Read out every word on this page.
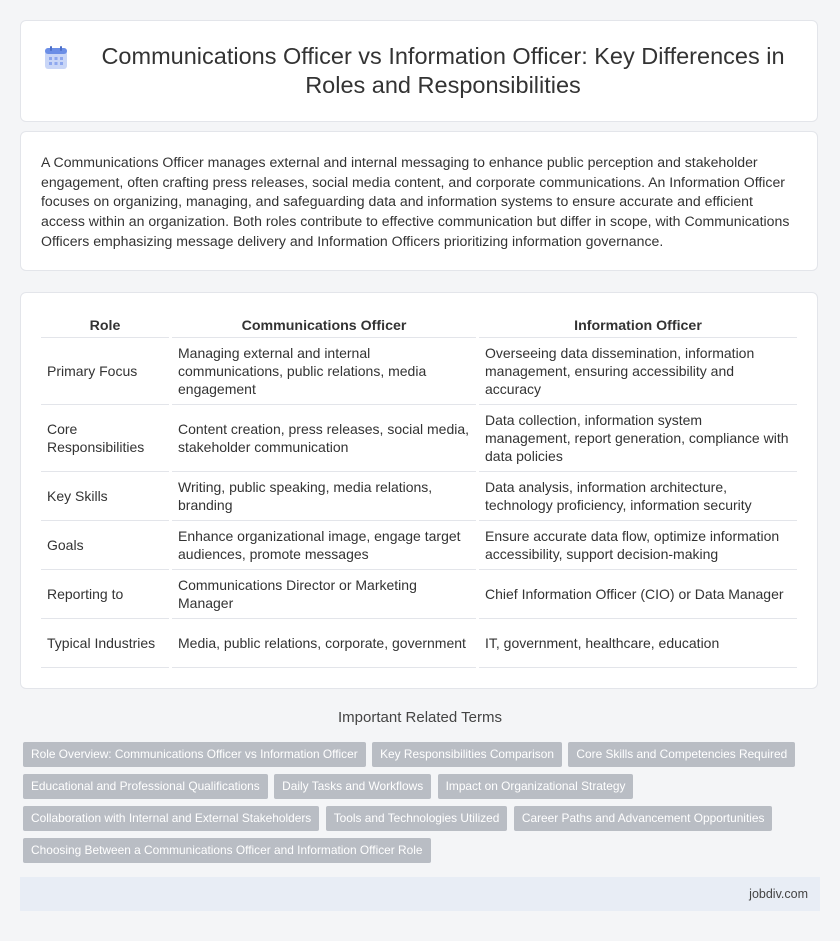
Communications Officer vs Information Officer: Key Differences in Roles and Responsibilities

A Communications Officer manages external and internal messaging to enhance public perception and stakeholder engagement, often crafting press releases, social media content, and corporate communications. An Information Officer focuses on organizing, managing, and safeguarding data and information systems to ensure accurate and efficient access within an organization. Both roles contribute to effective communication but differ in scope, with Communications Officers emphasizing message delivery and Information Officers prioritizing information governance.

Role	Communications Officer	Information Officer
Primary Focus	Managing external and internal communications, public relations, media engagement	Overseeing data dissemination, information management, ensuring accessibility and accuracy
Core Responsibilities	Content creation, press releases, social media, stakeholder communication	Data collection, information system management, report generation, compliance with data policies
Key Skills	Writing, public speaking, media relations, branding	Data analysis, information architecture, technology proficiency, information security
Goals	Enhance organizational image, engage target audiences, promote messages	Ensure accurate data flow, optimize information accessibility, support decision-making
Reporting to	Communications Director or Marketing Manager	Chief Information Officer (CIO) or Data Manager
Typical Industries	Media, public relations, corporate, government	IT, government, healthcare, education
Important Related Terms
Role Overview: Communications Officer vs Information Officer Key Responsibilities Comparison Core Skills and Competencies Required Educational and Professional Qualifications Daily Tasks and Workflows Impact on Organizational Strategy Collaboration with Internal and External Stakeholders Tools and Technologies Utilized Career Paths and Advancement Opportunities Choosing Between a Communications Officer and Information Officer Role
jobdiv.com
